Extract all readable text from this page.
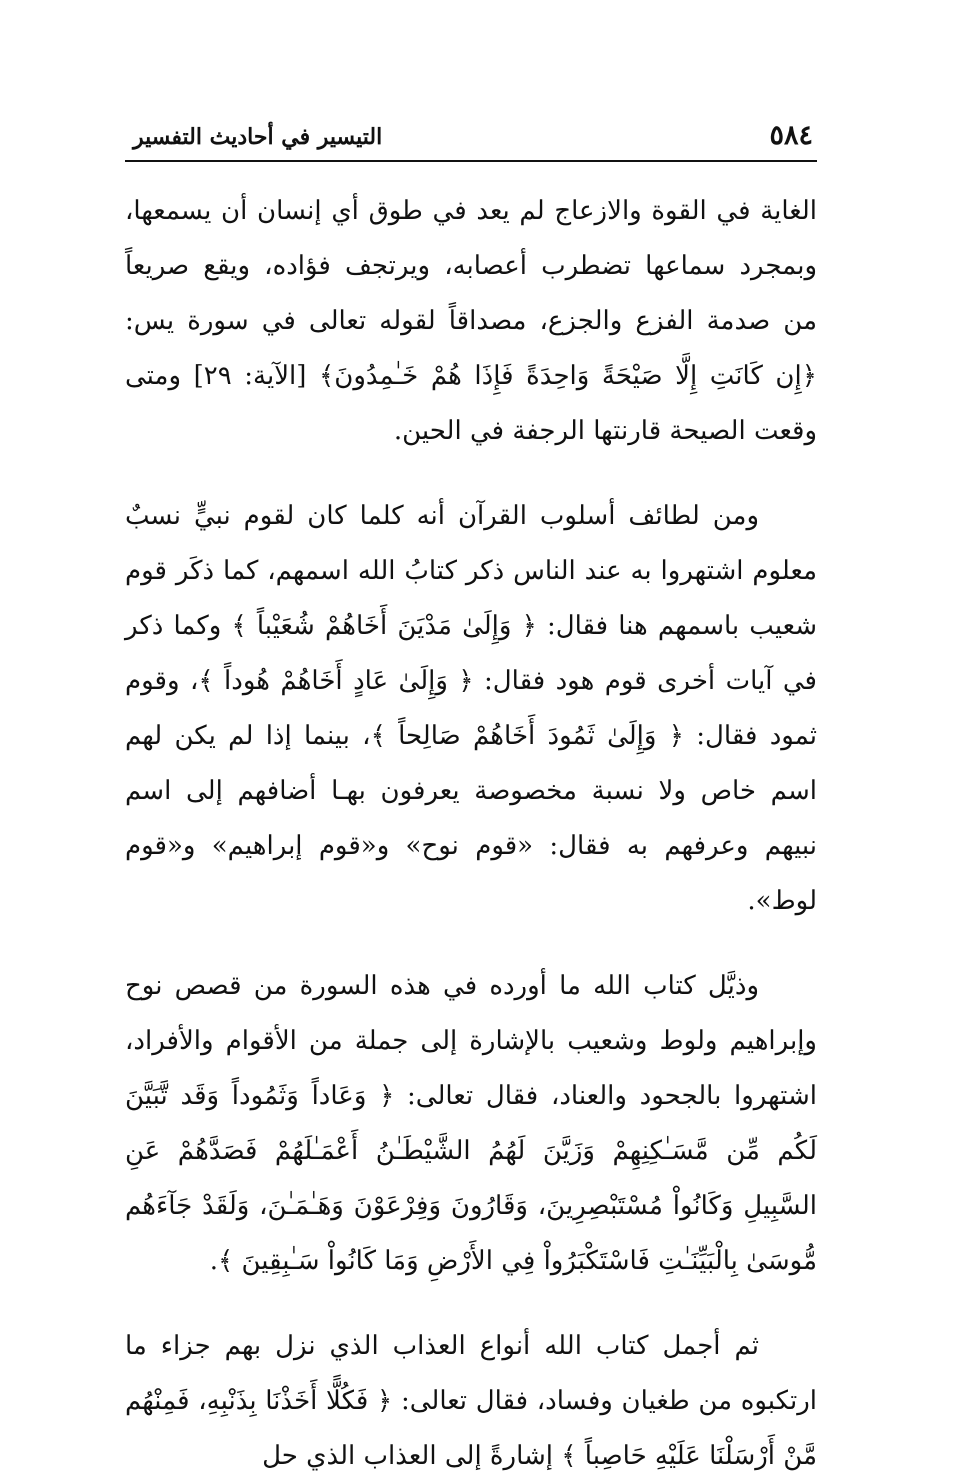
٥٨٤
التيسير في أحاديث التفسير

الغاية في القوة والازعاج لم يعد في طوق أي إنسان أن يسمعها، وبمجرد سماعها تضطرب أعصابه، ويرتجف فؤاده، ويقع صريعاً من صدمة الفزع والجزع، مصداقاً لقوله تعالى في سورة يس: ﴿إِن كَانَتِ إِلَّا صَيْحَةً وَاحِدَةً فَإِذَا هُمْ خَـٰمِدُونَ﴾ [الآية: ٢٩] ومتى وقعت الصيحة قارنتها الرجفة في الحين.

ومن لطائف أسلوب القرآن أنه كلما كان لقوم نبيٍّ نسبٌ معلوم اشتهروا به عند الناس ذكر كتابُ الله اسمهم، كما ذكَر قوم شعيب باسمهم هنا فقال: ﴿ وَإِلَىٰ مَدْيَنَ أَخَاهُمْ شُعَيْباً ﴾ وكما ذكر في آيات أخرى قوم هود فقال: ﴿ وَإِلَىٰ عَادٍ أَخَاهُمْ هُوداً ﴾، وقوم ثمود فقال: ﴿ وَإِلَىٰ ثَمُودَ أَخَاهُمْ صَالِحاً ﴾، بينما إذا لم يكن لهم اسم خاص ولا نسبة مخصوصة يعرفون بهـا أضافهم إلى اسم نبيهم وعرفهم به فقال: «قوم نوح» و«قوم إبراهيم» و«قوم لوط».

وذيَّل كتاب الله ما أورده في هذه السورة من قصص نوح وإبراهيم ولوط وشعيب بالإشارة إلى جملة من الأقوام والأفراد، اشتهروا بالجحود والعناد، فقال تعالى: ﴿ وَعَاداً وَثَمُوداً وَقَد تَّبَيَّنَ لَكُم مِّن مَّسَـٰكِنِهِمْ وَزَيَّنَ لَهُمُ الشَّيْطَـٰنُ أَعْمَـٰلَهُمْ فَصَدَّهُمْ عَنِ السَّبِيلِ وَكَانُواْ مُسْتَبْصِرِينَ، وَقَارُونَ وَفِرْعَوْنَ وَهَـٰمَـٰنَ، وَلَقَدْ جَآءَهُم مُّوسَىٰ بِالْبَيِّنَـٰتِ فَاسْتَكْبَرُواْ فِي الأَرْضِ وَمَا كَانُواْ سَـٰبِقِينَ ﴾.

ثم أجمل كتاب الله أنواع العذاب الذي نزل بهم جزاء ما ارتكبوه من طغيان وفساد، فقال تعالى: ﴿ فَكُلًّا أَخَذْنَا بِذَنْبِهِ، فَمِنْهُم مَّنْ أَرْسَلْنَا عَلَيْهِ حَاصِباً ﴾ إشارةً إلى العذاب الذي حل
